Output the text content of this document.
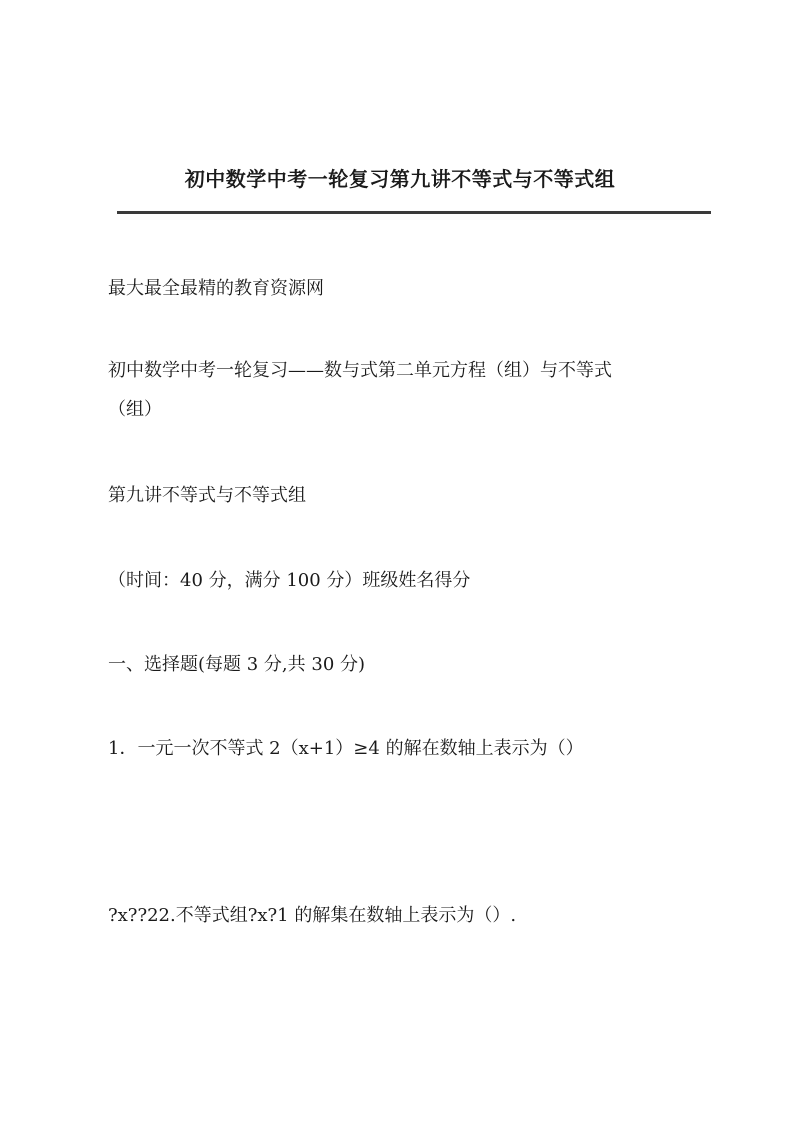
初中数学中考一轮复习第九讲不等式与不等式组

最大最全最精的教育资源网

初中数学中考一轮复习——数与式第二单元方程（组）与不等式

（组）

第九讲不等式与不等式组

（时间：40 分，满分 100 分）班级姓名得分

一、选择题(每题 3 分,共 30 分)

1．一元一次不等式 2（x+1）≥4 的解在数轴上表示为（）

?x??22.不等式组?x?1 的解集在数轴上表示为（）.
